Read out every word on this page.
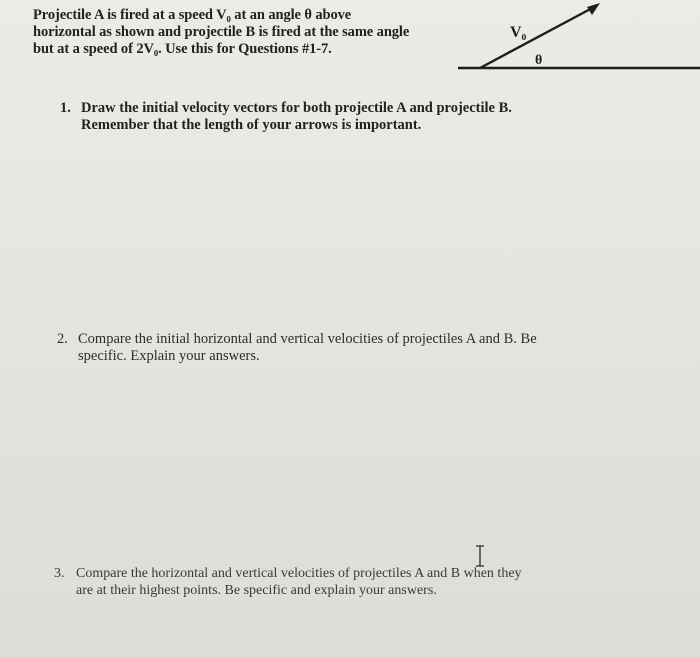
Projectile A is fired at a speed V₀ at an angle θ above
horizontal as shown and projectile B is fired at the same angle
but at a speed of 2V₀. Use this for Questions #1-7.
V₀
θ
1. Draw the initial velocity vectors for both projectile A and projectile B.
Remember that the length of your arrows is important.
2. Compare the initial horizontal and vertical velocities of projectiles A and B. Be
specific. Explain your answers.
3. Compare the horizontal and vertical velocities of projectiles A and B when they
are at their highest points. Be specific and explain your answers.
